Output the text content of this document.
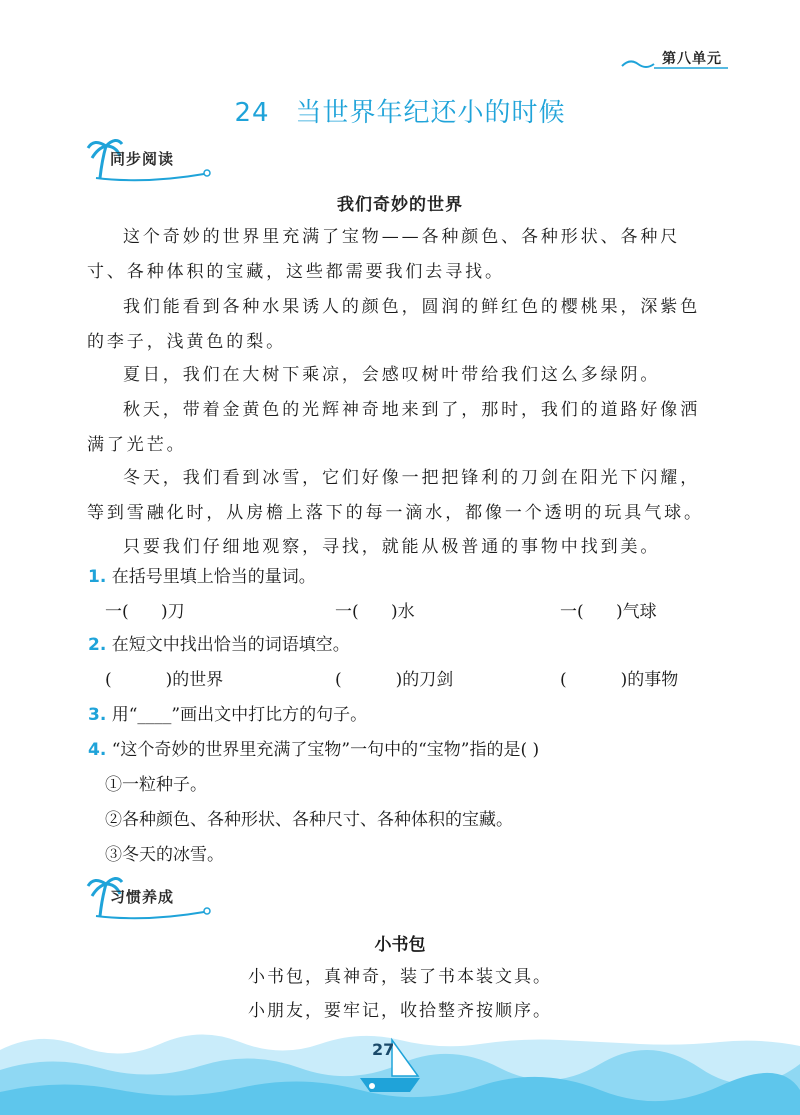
第八单元
24 当世界年纪还小的时候
同步阅读
我们奇妙的世界

这个奇妙的世界里充满了宝物——各种颜色、各种形状、各种尺寸、各种体积的宝藏，这些都需要我们去寻找。

我们能看到各种水果诱人的颜色，圆润的鲜红色的樱桃果，深紫色的李子，浅黄色的梨。

夏日，我们在大树下乘凉，会感叹树叶带给我们这么多绿阴。

秋天，带着金黄色的光辉神奇地来到了，那时，我们的道路好像洒满了光芒。

冬天，我们看到冰雪，它们好像一把把锋利的刀剑在阳光下闪耀，等到雪融化时，从房檐上落下的每一滴水，都像一个透明的玩具气球。

只要我们仔细地观察，寻找，就能从极普通的事物中找到美。

1. 在括号里填上恰当的量词。
一(      )刀	一(      )水	一(      )气球
2. 在短文中找出恰当的词语填空。
(          )的世界	(          )的刀剑	(          )的事物
3. 用“____”画出文中打比方的句子。
4. “这个奇妙的世界里充满了宝物”一句中的“宝物”指的是( )
①一粒种子。
②各种颜色、各种形状、各种尺寸、各种体积的宝藏。
③冬天的冰雪。
习惯养成
小书包
小书包，真神奇，装了书本装文具。
小朋友，要牢记，收拾整齐按顺序。
27
